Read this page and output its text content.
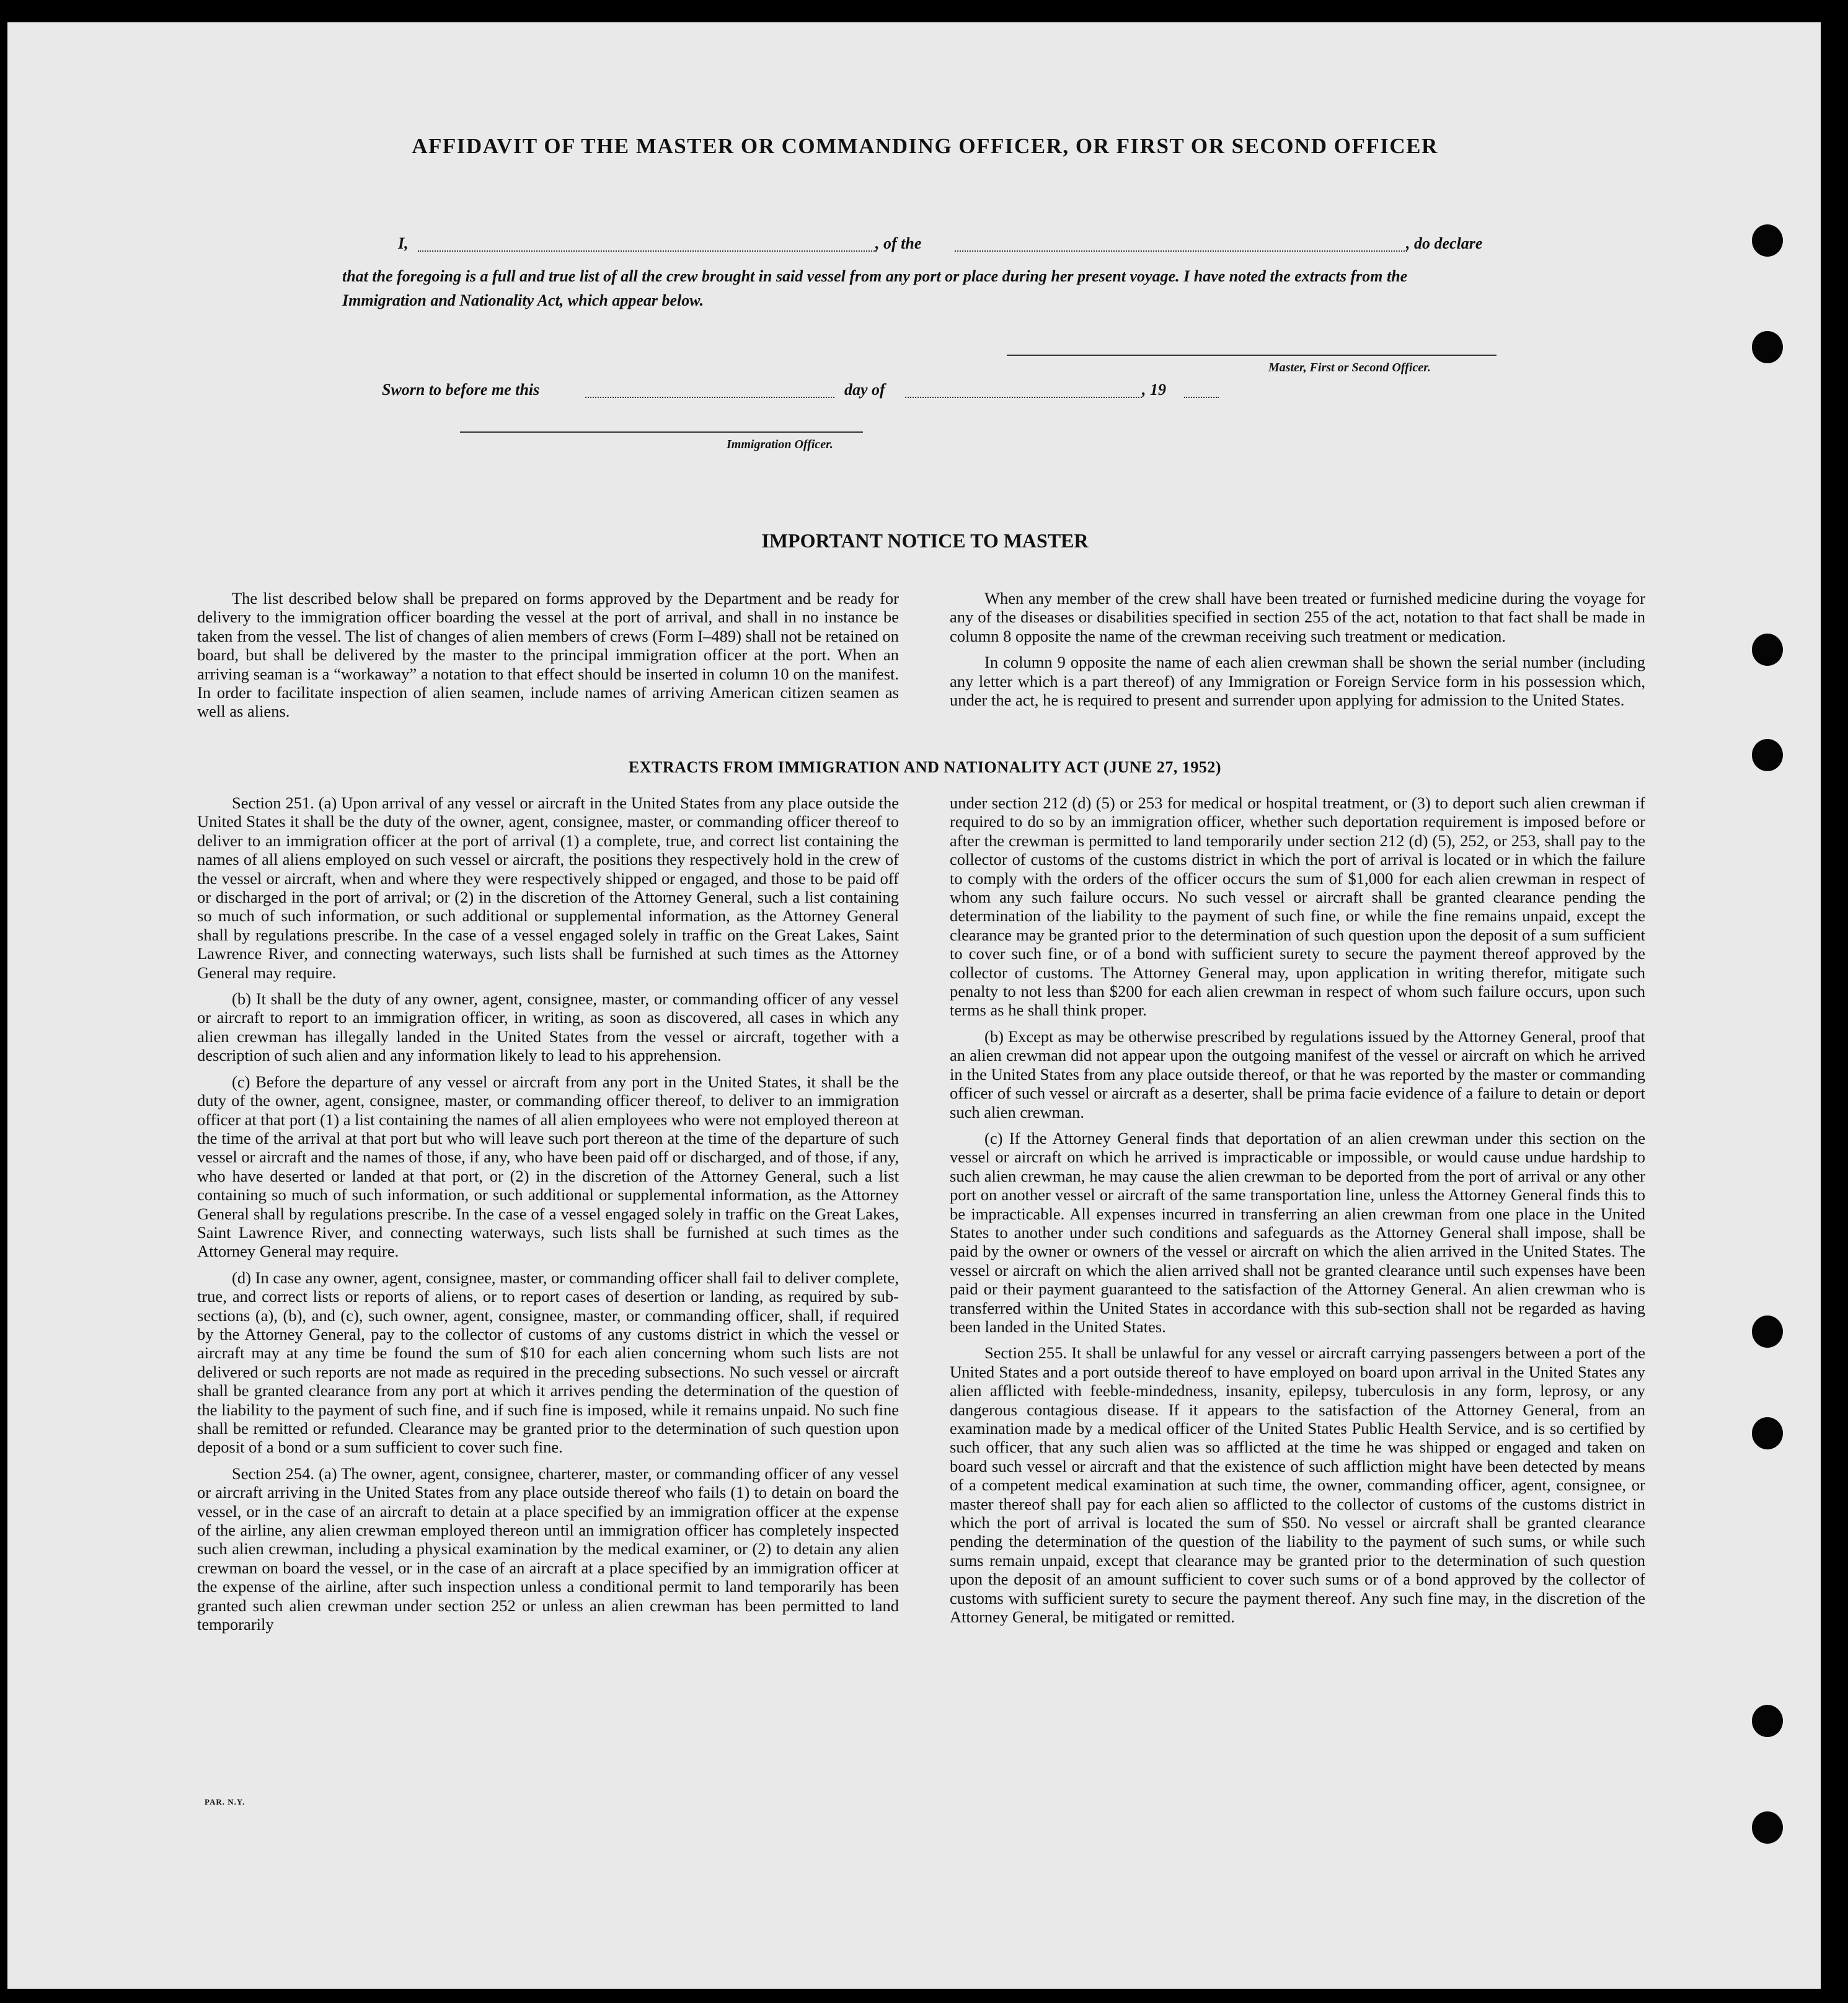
AFFIDAVIT OF THE MASTER OR COMMANDING OFFICER, OR FIRST OR SECOND OFFICER
I,	, of the	, do declare
that the foregoing is a full and true list of all the crew brought in said vessel from any port or place during her present voyage. I have noted the extracts from the Immigration and Nationality Act, which appear below.
Master, First or Second Officer.
Sworn to before me this	day of	, 19
Immigration Officer.
IMPORTANT NOTICE TO MASTER

The list described below shall be prepared on forms approved by the Department and be ready for delivery to the immigration officer boarding the vessel at the port of arrival, and shall in no instance be taken from the vessel. The list of changes of alien members of crews (Form I–489) shall not be retained on board, but shall be delivered by the master to the principal immigration officer at the port. When an arriving seaman is a “workaway” a notation to that effect should be inserted in column 10 on the manifest. In order to facilitate inspection of alien seamen, include names of arriving American citizen seamen as well as aliens.

When any member of the crew shall have been treated or furnished medicine during the voyage for any of the diseases or disabilities specified in section 255 of the act, notation to that fact shall be made in column 8 opposite the name of the crewman receiving such treatment or medication.

In column 9 opposite the name of each alien crewman shall be shown the serial number (including any letter which is a part thereof) of any Immigration or Foreign Service form in his possession which, under the act, he is required to present and surrender upon applying for admission to the United States.

EXTRACTS FROM IMMIGRATION AND NATIONALITY ACT (JUNE 27, 1952)

Section 251. (a) Upon arrival of any vessel or aircraft in the United States from any place outside the United States it shall be the duty of the owner, agent, consignee, master, or commanding officer thereof to deliver to an immigration officer at the port of arrival (1) a complete, true, and correct list containing the names of all aliens employed on such vessel or aircraft, the positions they respectively hold in the crew of the vessel or aircraft, when and where they were respectively shipped or engaged, and those to be paid off or discharged in the port of arrival; or (2) in the discretion of the Attorney General, such a list containing so much of such information, or such additional or supplemental information, as the Attorney General shall by regulations prescribe. In the case of a vessel engaged solely in traffic on the Great Lakes, Saint Lawrence River, and connecting waterways, such lists shall be furnished at such times as the Attorney General may require.

(b) It shall be the duty of any owner, agent, consignee, master, or commanding officer of any vessel or aircraft to report to an immigration officer, in writing, as soon as discovered, all cases in which any alien crewman has illegally landed in the United States from the vessel or aircraft, together with a description of such alien and any information likely to lead to his apprehension.

(c) Before the departure of any vessel or aircraft from any port in the United States, it shall be the duty of the owner, agent, consignee, master, or commanding officer thereof, to deliver to an immigration officer at that port (1) a list containing the names of all alien employees who were not employed thereon at the time of the arrival at that port but who will leave such port thereon at the time of the departure of such vessel or aircraft and the names of those, if any, who have been paid off or discharged, and of those, if any, who have deserted or landed at that port, or (2) in the discretion of the Attorney General, such a list containing so much of such information, or such additional or supplemental information, as the Attorney General shall by regulations prescribe. In the case of a vessel engaged solely in traffic on the Great Lakes, Saint Lawrence River, and connecting waterways, such lists shall be furnished at such times as the Attorney General may require.

(d) In case any owner, agent, consignee, master, or commanding officer shall fail to deliver complete, true, and correct lists or reports of aliens, or to report cases of desertion or landing, as required by sub-sections (a), (b), and (c), such owner, agent, consignee, master, or commanding officer, shall, if required by the Attorney General, pay to the collector of customs of any customs district in which the vessel or aircraft may at any time be found the sum of $10 for each alien concerning whom such lists are not delivered or such reports are not made as required in the preceding subsections. No such vessel or aircraft shall be granted clearance from any port at which it arrives pending the determination of the question of the liability to the payment of such fine, and if such fine is imposed, while it remains unpaid. No such fine shall be remitted or refunded. Clearance may be granted prior to the determination of such question upon deposit of a bond or a sum sufficient to cover such fine.

Section 254. (a) The owner, agent, consignee, charterer, master, or commanding officer of any vessel or aircraft arriving in the United States from any place outside thereof who fails (1) to detain on board the vessel, or in the case of an aircraft to detain at a place specified by an immigration officer at the expense of the airline, any alien crewman employed thereon until an immigration officer has completely inspected such alien crewman, including a physical examination by the medical examiner, or (2) to detain any alien crewman on board the vessel, or in the case of an aircraft at a place specified by an immigration officer at the expense of the airline, after such inspection unless a conditional permit to land temporarily has been granted such alien crewman under section 252 or unless an alien crewman has been permitted to land temporarily

under section 212 (d) (5) or 253 for medical or hospital treatment, or (3) to deport such alien crewman if required to do so by an immigration officer, whether such deportation requirement is imposed before or after the crewman is permitted to land temporarily under section 212 (d) (5), 252, or 253, shall pay to the collector of customs of the customs district in which the port of arrival is located or in which the failure to comply with the orders of the officer occurs the sum of $1,000 for each alien crewman in respect of whom any such failure occurs. No such vessel or aircraft shall be granted clearance pending the determination of the liability to the payment of such fine, or while the fine remains unpaid, except the clearance may be granted prior to the determination of such question upon the deposit of a sum sufficient to cover such fine, or of a bond with sufficient surety to secure the payment thereof approved by the collector of customs. The Attorney General may, upon application in writing therefor, mitigate such penalty to not less than $200 for each alien crewman in respect of whom such failure occurs, upon such terms as he shall think proper.

(b) Except as may be otherwise prescribed by regulations issued by the Attorney General, proof that an alien crewman did not appear upon the outgoing manifest of the vessel or aircraft on which he arrived in the United States from any place outside thereof, or that he was reported by the master or commanding officer of such vessel or aircraft as a deserter, shall be prima facie evidence of a failure to detain or deport such alien crewman.

(c) If the Attorney General finds that deportation of an alien crewman under this section on the vessel or aircraft on which he arrived is impracticable or impossible, or would cause undue hardship to such alien crewman, he may cause the alien crewman to be deported from the port of arrival or any other port on another vessel or aircraft of the same transportation line, unless the Attorney General finds this to be impracticable. All expenses incurred in transferring an alien crewman from one place in the United States to another under such conditions and safeguards as the Attorney General shall impose, shall be paid by the owner or owners of the vessel or aircraft on which the alien arrived in the United States. The vessel or aircraft on which the alien arrived shall not be granted clearance until such expenses have been paid or their payment guaranteed to the satisfaction of the Attorney General. An alien crewman who is transferred within the United States in accordance with this sub-section shall not be regarded as having been landed in the United States.

Section 255. It shall be unlawful for any vessel or aircraft carrying passengers between a port of the United States and a port outside thereof to have employed on board upon arrival in the United States any alien afflicted with feeble-mindedness, insanity, epilepsy, tuberculosis in any form, leprosy, or any dangerous contagious disease. If it appears to the satisfaction of the Attorney General, from an examination made by a medical officer of the United States Public Health Service, and is so certified by such officer, that any such alien was so afflicted at the time he was shipped or engaged and taken on board such vessel or aircraft and that the existence of such affliction might have been detected by means of a competent medical examination at such time, the owner, commanding officer, agent, consignee, or master thereof shall pay for each alien so afflicted to the collector of customs of the customs district in which the port of arrival is located the sum of $50. No vessel or aircraft shall be granted clearance pending the determination of the question of the liability to the payment of such sums, or while such sums remain unpaid, except that clearance may be granted prior to the determination of such question upon the deposit of an amount sufficient to cover such sums or of a bond approved by the collector of customs with sufficient surety to secure the payment thereof. Any such fine may, in the discretion of the Attorney General, be mitigated or remitted.

PAR. N.Y.
